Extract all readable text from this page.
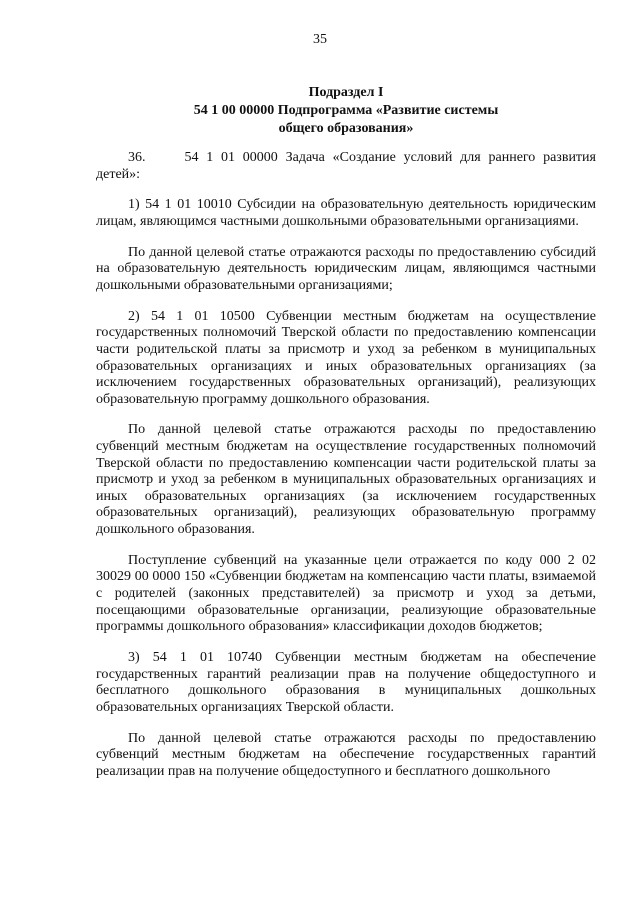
35
Подраздел I
54 1 00 00000 Подпрограмма «Развитие системы
общего образования»

36.     54 1 01 00000 Задача «Создание условий для раннего развития детей»:

1) 54 1 01 10010 Субсидии на образовательную деятельность юридическим лицам, являющимся частными дошкольными образовательными организациями.

По данной целевой статье отражаются расходы по предоставлению субсидий на образовательную деятельность юридическим лицам, являющимся частными дошкольными образовательными организациями;

2) 54 1 01 10500 Субвенции местным бюджетам на осуществление государственных полномочий Тверской области по предоставлению компенсации части родительской платы за присмотр и уход за ребенком в муниципальных образовательных организациях и иных образовательных организациях (за исключением государственных образовательных организаций), реализующих образовательную программу дошкольного образования.

По данной целевой статье отражаются расходы по предоставлению субвенций местным бюджетам на осуществление государственных полномочий Тверской области по предоставлению компенсации части родительской платы за присмотр и уход за ребенком в муниципальных образовательных организациях и иных образовательных организациях (за исключением государственных образовательных организаций), реализующих образовательную программу дошкольного образования.

Поступление субвенций на указанные цели отражается по коду 000 2 02 30029 00 0000 150 «Субвенции бюджетам на компенсацию части платы, взимаемой с родителей (законных представителей) за присмотр и уход за детьми, посещающими образовательные организации, реализующие образовательные программы дошкольного образования» классификации доходов бюджетов;

3) 54 1 01 10740 Субвенции местным бюджетам на обеспечение государственных гарантий реализации прав на получение общедоступного и бесплатного дошкольного образования в муниципальных дошкольных образовательных организациях Тверской области.

По данной целевой статье отражаются расходы по предоставлению субвенций местным бюджетам на обеспечение государственных гарантий реализации прав на получение общедоступного и бесплатного дошкольного
